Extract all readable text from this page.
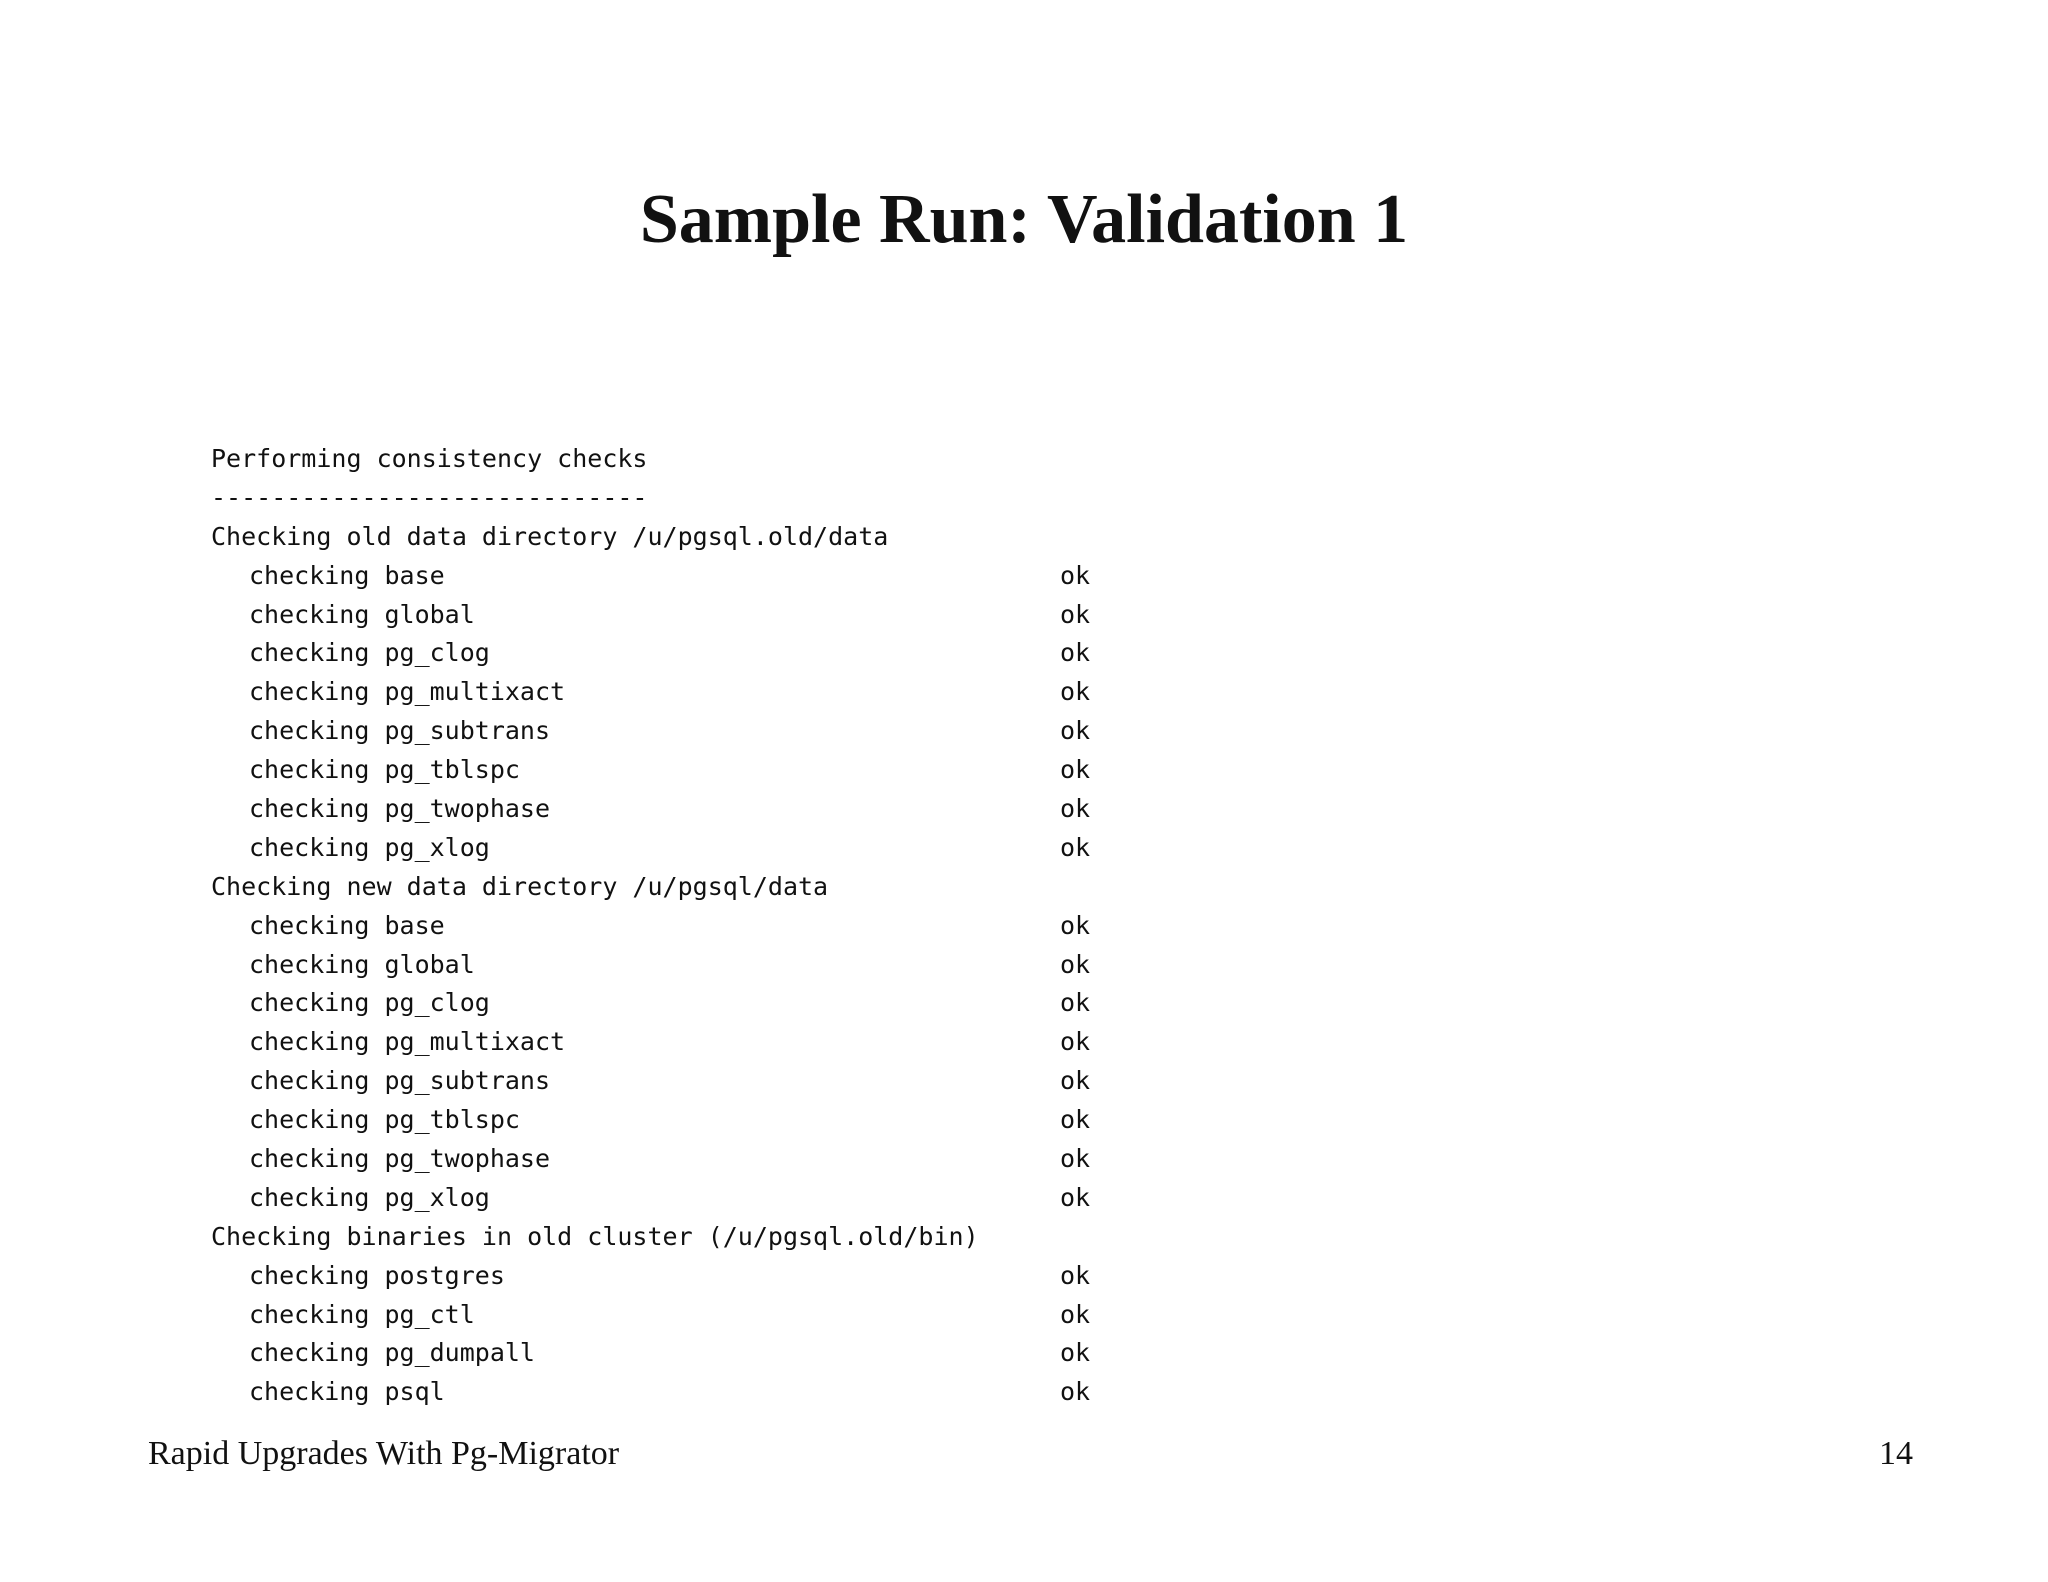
Sample Run: Validation 1
Performing consistency checks
-----------------------------
Checking old data directory /u/pgsql.old/data
checking base	ok
checking global	ok
checking pg_clog	ok
checking pg_multixact	ok
checking pg_subtrans	ok
checking pg_tblspc	ok
checking pg_twophase	ok
checking pg_xlog	ok
Checking new data directory /u/pgsql/data
checking base	ok
checking global	ok
checking pg_clog	ok
checking pg_multixact	ok
checking pg_subtrans	ok
checking pg_tblspc	ok
checking pg_twophase	ok
checking pg_xlog	ok
Checking binaries in old cluster (/u/pgsql.old/bin)
checking postgres	ok
checking pg_ctl	ok
checking pg_dumpall	ok
checking psql	ok
Rapid Upgrades With Pg-Migrator	14
